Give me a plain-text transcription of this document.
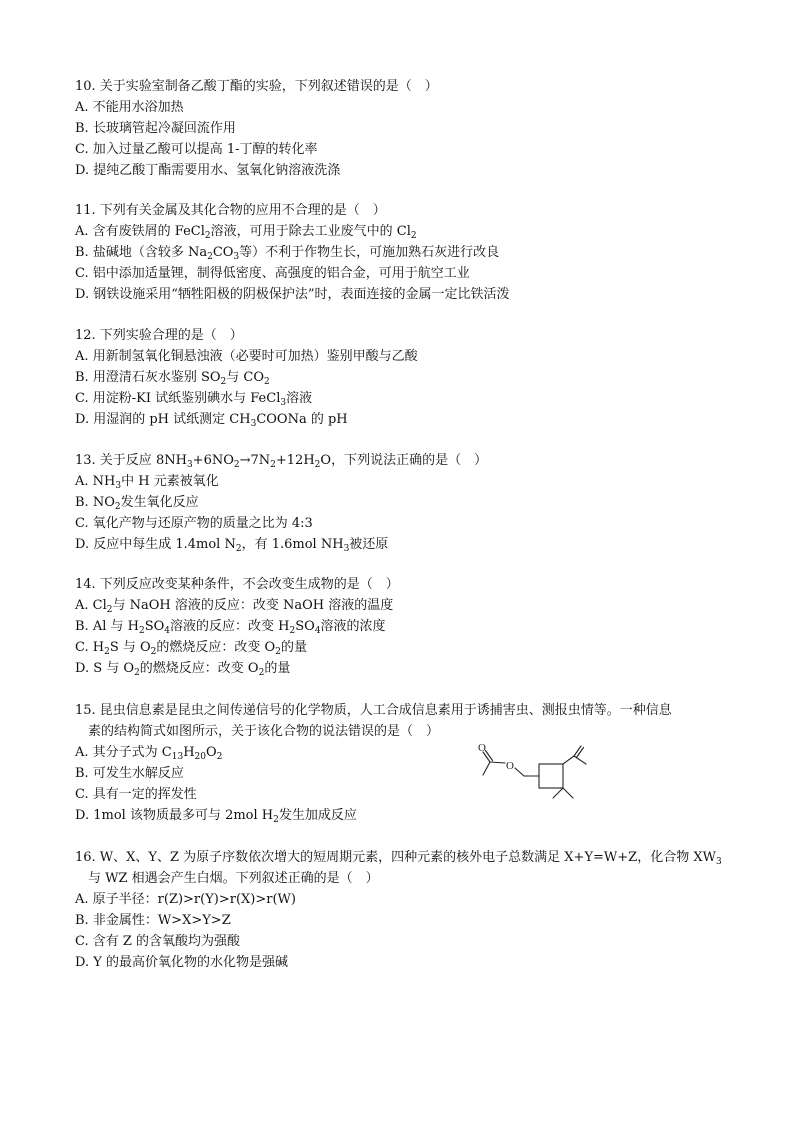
10. 关于实验室制备乙酸丁酯的实验，下列叙述错误的是（　）
A. 不能用水浴加热
B. 长玻璃管起冷凝回流作用
C. 加入过量乙酸可以提高 1-丁醇的转化率
D. 提纯乙酸丁酯需要用水、氢氧化钠溶液洗涤
11. 下列有关金属及其化合物的应用不合理的是（　）
A. 含有废铁屑的 FeCl$_2$溶液，可用于除去工业废气中的 $Cl_2$
B. 盐碱地（含较多 $Na_2CO_3$等）不利于作物生长，可施加熟石灰进行改良
C. 铝中添加适量锂，制得低密度、高强度的铝合金，可用于航空工业
D. 钢铁设施采用“牺牲阳极的阴极保护法”时，表面连接的金属一定比铁活泼
12. 下列实验合理的是（　）
A. 用新制氢氧化铜悬浊液（必要时可加热）鉴别甲酸与乙酸
B. 用澄清石灰水鉴别 $SO_2$与 $CO_2$
C. 用淀粉-KI 试纸鉴别碘水与 FeCl$_3$溶液
D. 用湿润的 pH 试纸测定 $CH_3COONa$ 的 pH
13. 关于反应 $8NH_3+6NO_2\to 7N_2+12H_2O$，下列说法正确的是（　）
A. $NH_3$中 H 元素被氧化
B. $NO_2$发生氧化反应
C. 氧化产物与还原产物的质量之比为 4:3
D. 反应中每生成 1.4mol $N_2$，有 1.6mol $NH_3$被还原
14. 下列反应改变某种条件，不会改变生成物的是（　）
A. $Cl_2$与 NaOH 溶液的反应：改变 NaOH 溶液的温度
B. Al 与 $H_2SO_4$溶液的反应：改变 $H_2SO_4$溶液的浓度
C. $H_2S$ 与 $O_2$的燃烧反应：改变 $O_2$的量
D. S 与 $O_2$的燃烧反应：改变 $O_2$的量
15. 昆虫信息素是昆虫之间传递信号的化学物质，人工合成信息素用于诱捕害虫、测报虫情等。一种信息
素的结构简式如图所示，关于该化合物的说法错误的是（　）
A. 其分子式为 $C_{13}H_{20}O_2$
B. 可发生水解反应
C. 具有一定的挥发性
D. 1mol 该物质最多可与 2mol $H_2$发生加成反应
O
O
16. W、X、Y、Z 为原子序数依次增大的短周期元素，四种元素的核外电子总数满足 X+Y=W+Z，化合物 $XW_3$
与 WZ 相遇会产生白烟。下列叙述正确的是（　）
A. 原子半径：r(Z)>r(Y)>r(X)>r(W)
B. 非金属性：W>X>Y>Z
C. 含有 Z 的含氧酸均为强酸
D. Y 的最高价氧化物的水化物是强碱
